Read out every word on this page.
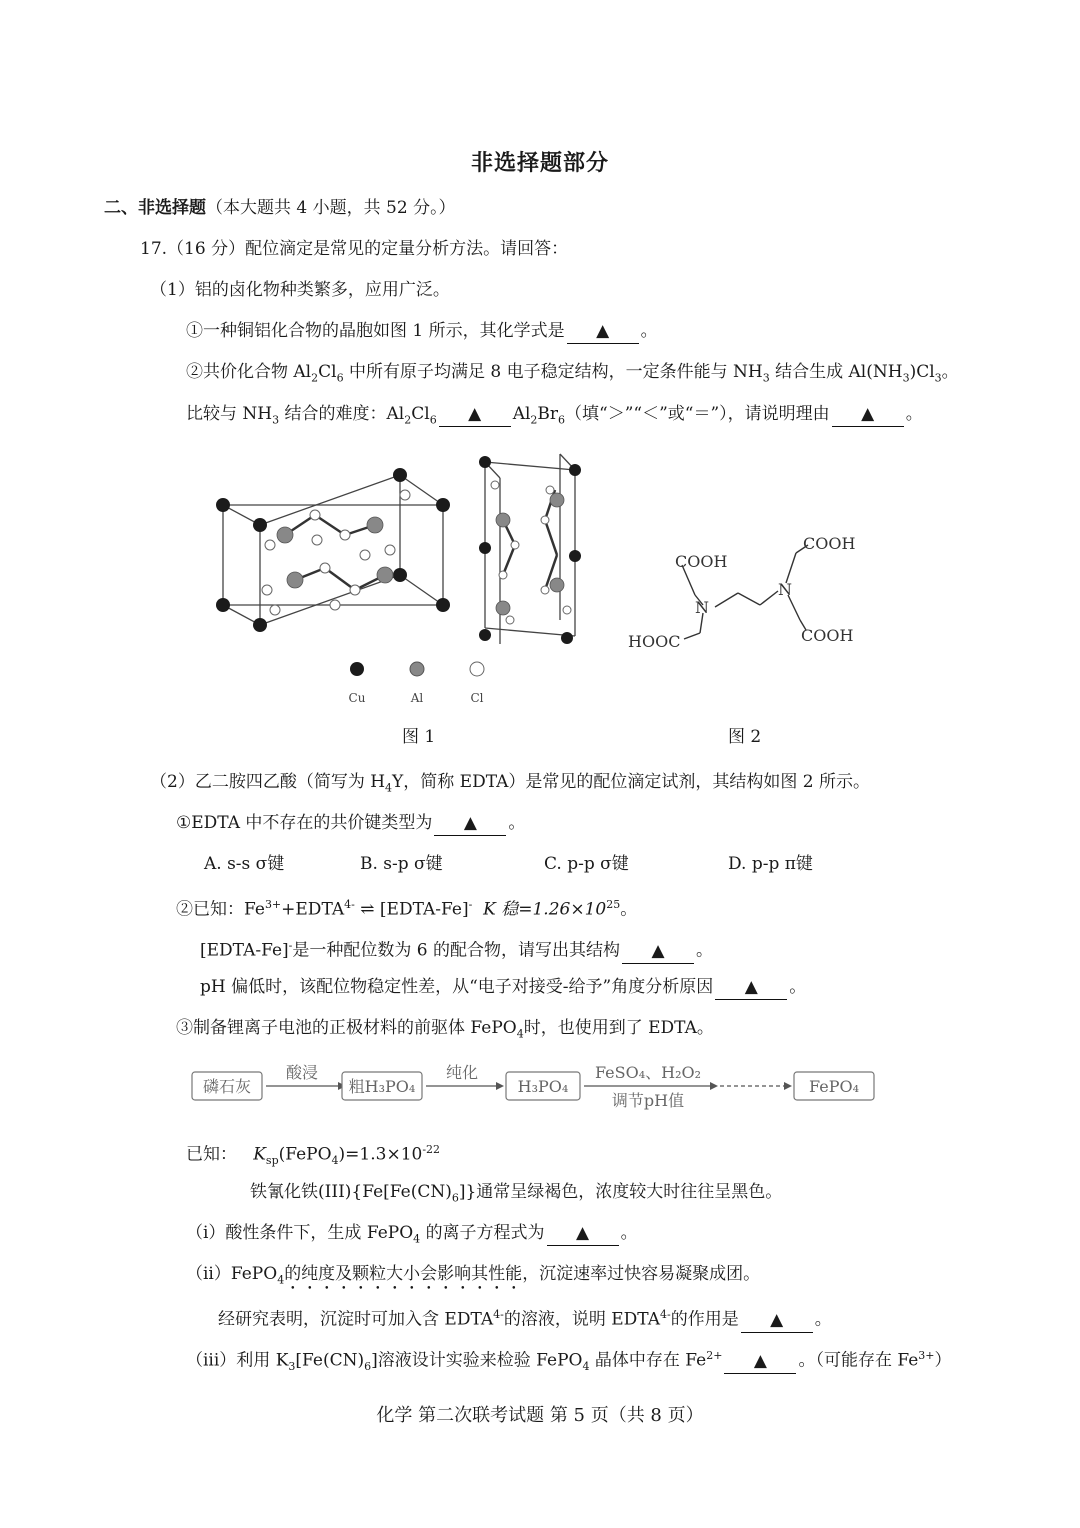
非选择题部分
二、非选择题（本大题共 4 小题，共 52 分。）
17.（16 分）配位滴定是常见的定量分析方法。请回答：
（1）铝的卤化物种类繁多，应用广泛。
①一种铜铝化合物的晶胞如图 1 所示，其化学式是 ▲ 。
②共价化合物 $Al_2Cl_6$ 中所有原子均满足 8 电子稳定结构，一定条件能与 $NH_3$ 结合生成 $Al(NH_3)Cl_3$。
比较与 $NH_3$ 结合的难度：$Al_2Cl_6$ ▲ $Al_2Br_6$（填“＞”“＜”或“＝”），请说明理由 ▲ 。
Cu	Al	Cl
COOH
COOH
HOOC	COOH
N
N
图 1	图 2
（2）乙二胺四乙酸（简写为 $H_4Y$，简称 EDTA）是常见的配位滴定试剂，其结构如图 2 所示。
①EDTA 中不存在的共价键类型为 ▲ 。
A. s-s σ键	B. s-p σ键	C. p-p σ键	D. p-p π键
②已知：$Fe^{3+}+EDTA^{4-}$ ⇌ [EDTA-Fe]- K 稳$=1.26\times 10^{25}$。
[EDTA-Fe]-是一种配位数为 6 的配合物，请写出其结构 ▲ 。
pH 偏低时，该配位物稳定性差，从“电子对接受-给予”角度分析原因 ▲ 。
③制备锂离子电池的正极材料的前驱体 FePO$_4$时，也使用到了 EDTA。
磷石灰
酸浸
粗H₃PO₄
纯化
H₃PO₄
FeSO₄、H₂O₂
调节pH值
FePO₄
已知： $K_{sp}(FePO_4)=1.3\times 10^{-22}$
铁氰化铁$(III)\{Fe[Fe(CN)_6]\}$通常呈绿褐色，浓度较大时往往呈黑色。
（i）酸性条件下，生成 FePO$_4$ 的离子方程式为 ▲ 。
（ii）FePO$_4$的纯度及颗粒大小会影响其性能，沉淀速率过快容易凝聚成团。
经研究表明，沉淀时可加入含 $EDTA^{4-}$的溶液，说明 $EDTA^{4-}$的作用是 ▲ 。
（iii）利用 $K_3[Fe(CN)_6]$溶液设计实验来检验 FePO$_4$ 晶体中存在 $Fe^{2+}$ ▲ 。（可能存在 $Fe^{3+}$）
化学 第二次联考试题 第 5 页（共 8 页）
